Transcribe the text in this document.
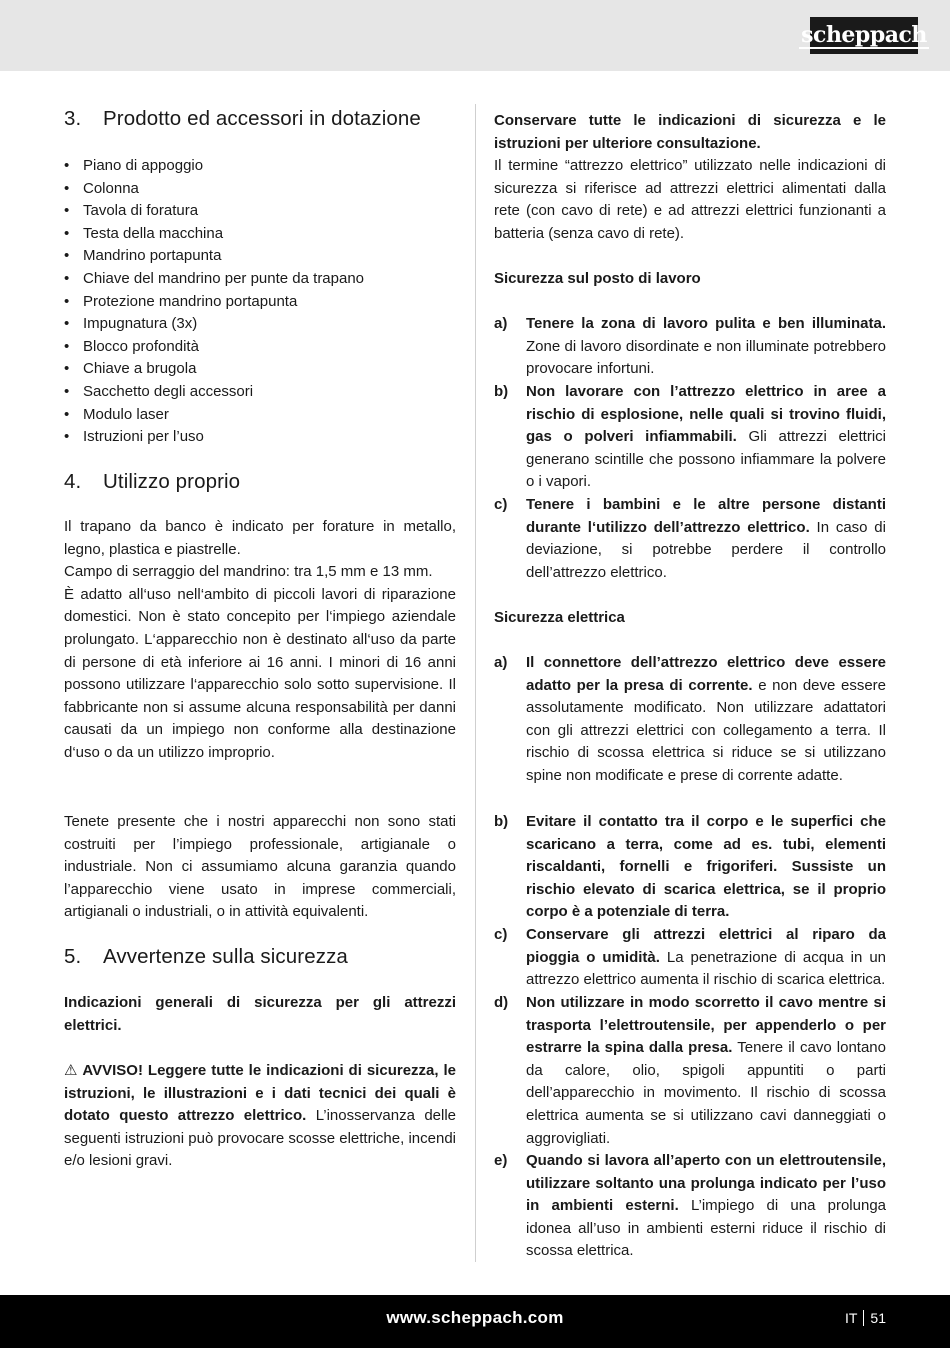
scheppach
3. Prodotto ed accessori in dotazione
• Piano di appoggio
• Colonna
• Tavola di foratura
• Testa della macchina
• Mandrino portapunta
• Chiave del mandrino per punte da trapano
• Protezione mandrino portapunta
• Impugnatura (3x)
• Blocco profondità
• Chiave a brugola
• Sacchetto degli accessori
• Modulo laser
• Istruzioni per l’uso
4. Utilizzo proprio

Il trapano da banco è indicato per forature in metallo, legno, plastica e piastrelle.

Campo di serraggio del mandrino: tra 1,5 mm e 13 mm.

È adatto all‘uso nell‘ambito di piccoli lavori di riparazione domestici. Non è stato concepito per l‘impiego aziendale prolungato. L‘apparecchio non è destinato all‘uso da parte di persone di età inferiore ai 16 anni. I minori di 16 anni possono utilizzare l‘apparecchio solo sotto supervisione. Il fabbricante non si assume alcuna responsabilità per danni causati da un impiego non conforme alla destinazione d‘uso o da un utilizzo improprio.

Tenete presente che i nostri apparecchi non sono stati costruiti per l’impiego professionale, artigianale o industriale. Non ci assumiamo alcuna garanzia quando l’apparecchio viene usato in imprese commerciali, artigianali o industriali, o in attività equivalenti.

5. Avvertenze sulla sicurezza
Indicazioni generali di sicurezza per gli attrezzi elettrici.
⚠ AVVISO! Leggere tutte le indicazioni di sicurezza, le istruzioni, le illustrazioni e i dati tecnici dei quali è dotato questo attrezzo elettrico. L’inosservanza delle seguenti istruzioni può provocare scosse elettriche, incendi e/o lesioni gravi.

Conservare tutte le indicazioni di sicurezza e le istruzioni per ulteriore consultazione.

Il termine “attrezzo elettrico” utilizzato nelle indicazioni di sicurezza si riferisce ad attrezzi elettrici alimentati dalla rete (con cavo di rete) e ad attrezzi elettrici funzionanti a batteria (senza cavo di rete).

Sicurezza sul posto di lavoro
a) Tenere la zona di lavoro pulita e ben illuminata. Zone di lavoro disordinate e non illuminate potrebbero provocare infortuni.
b) Non lavorare con l’attrezzo elettrico in aree a rischio di esplosione, nelle quali si trovino fluidi, gas o polveri infiammabili. Gli attrezzi elettrici generano scintille che possono infiammare la polvere o i vapori.
c) Tenere i bambini e le altre persone distanti durante l‘utilizzo dell’attrezzo elettrico. In caso di deviazione, si potrebbe perdere il controllo dell’attrezzo elettrico.
Sicurezza elettrica
a) Il connettore dell’attrezzo elettrico deve essere adatto per la presa di corrente. e non deve essere assolutamente modificato. Non utilizzare adattatori con gli attrezzi elettrici con collegamento a terra. Il rischio di scossa elettrica si riduce se si utilizzano spine non modificate e prese di corrente adatte.
b) Evitare il contatto tra il corpo e le superfici che scaricano a terra, come ad es. tubi, elementi riscaldanti, fornelli e frigoriferi. Sussiste un rischio elevato di scarica elettrica, se il proprio corpo è a potenziale di terra.
c) Conservare gli attrezzi elettrici al riparo da pioggia o umidità. La penetrazione di acqua in un attrezzo elettrico aumenta il rischio di scarica elettrica.
d) Non utilizzare in modo scorretto il cavo mentre si trasporta l’elettroutensile, per appenderlo o per estrarre la spina dalla presa. Tenere il cavo lontano da calore, olio, spigoli appuntiti o parti dell’apparecchio in movimento. Il rischio di scossa elettrica aumenta se si utilizzano cavi danneggiati o aggrovigliati.
e) Quando si lavora all’aperto con un elettroutensile, utilizzare soltanto una prolunga indicato per l’uso in ambienti esterni. L’impiego di una prolunga idonea all’uso in ambienti esterni riduce il rischio di scossa elettrica.
www.scheppach.com	IT 51
